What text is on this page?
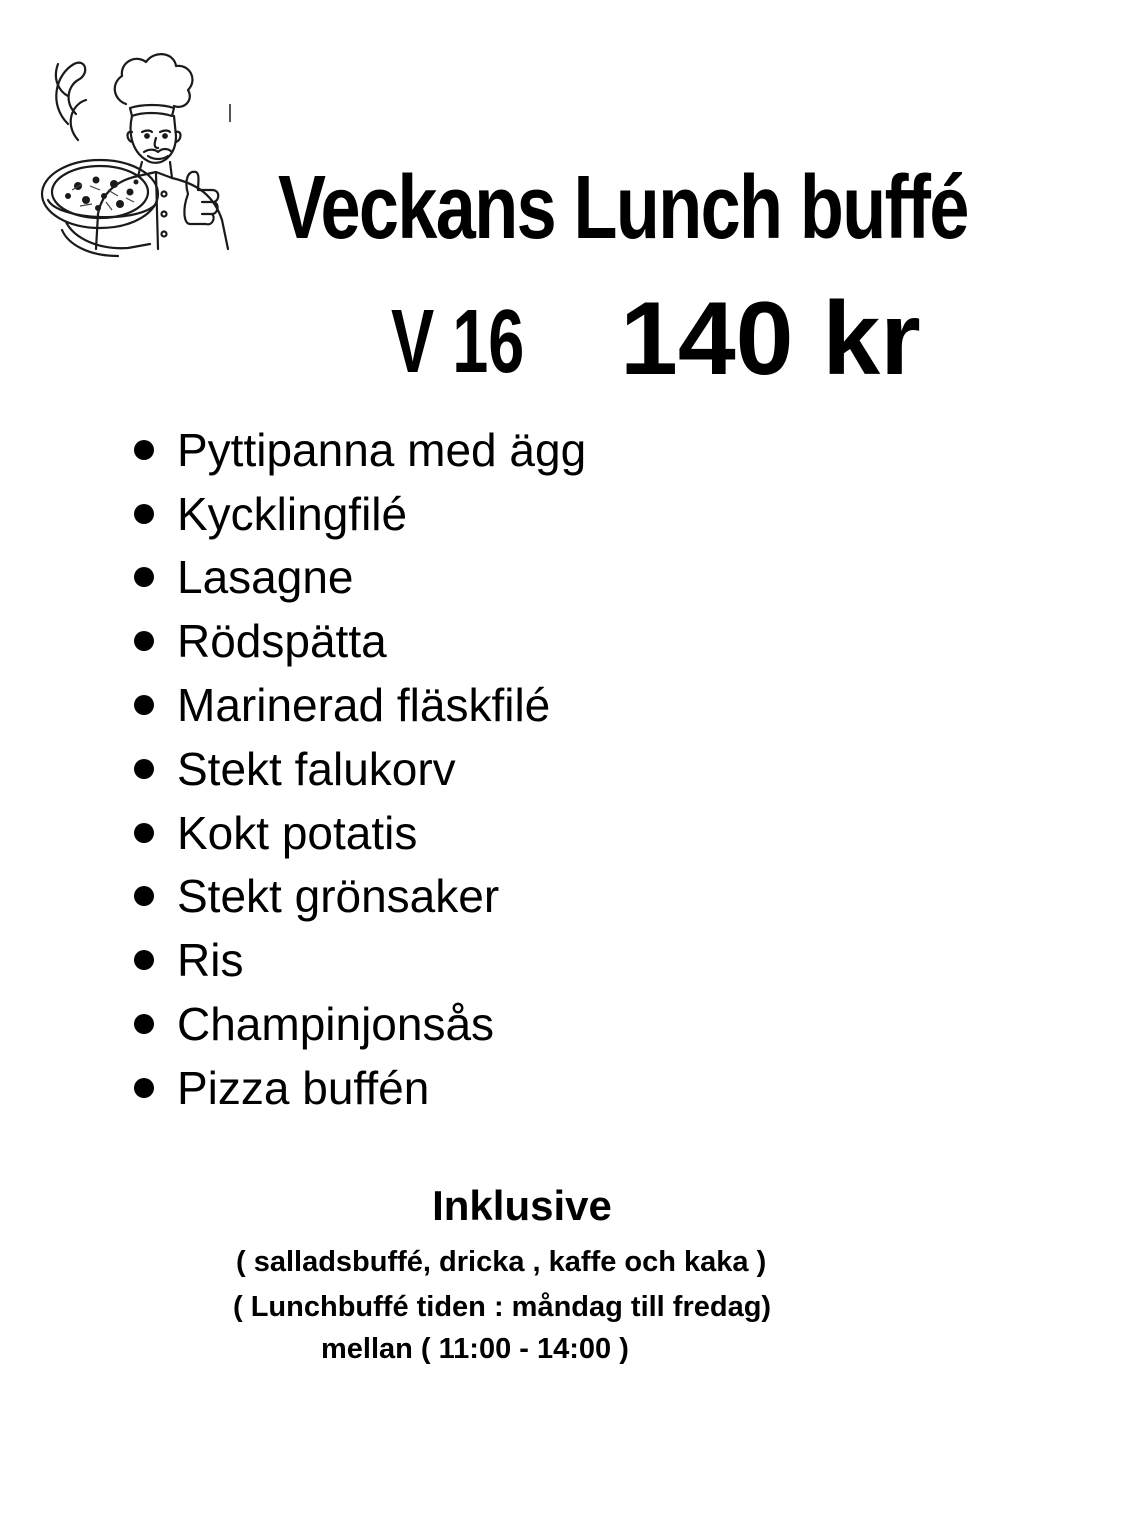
Veckans Lunch buffé
V 16 140 kr
Pyttipanna med ägg
Kycklingfilé
Lasagne
Rödspätta
Marinerad fläskfilé
Stekt falukorv
Kokt potatis
Stekt grönsaker
Ris
Champinjonsås
Pizza buffén
Inklusive
( salladsbuffé, dricka , kaffe och kaka )
( Lunchbuffé tiden : måndag till fredag)
mellan ( 11:00 - 14:00 )
